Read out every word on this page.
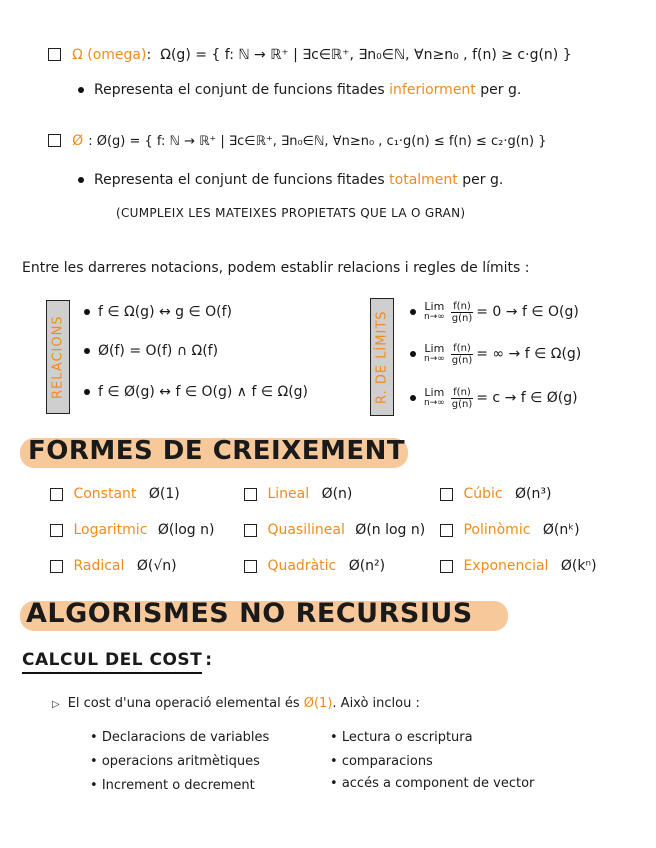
Ω (omega): Ω(g) = { f: ℕ → ℝ⁺ | ∃c∈ℝ⁺, ∃n₀∈ℕ, ∀n≥n₀ , f(n) ≥ c·g(n) }
Representa el conjunt de funcions fitades inferiorment per g.
Ø : Ø(g) = { f: ℕ → ℝ⁺ | ∃c∈ℝ⁺, ∃n₀∈ℕ, ∀n≥n₀ , c₁·g(n) ≤ f(n) ≤ c₂·g(n) }
Representa el conjunt de funcions fitades totalment per g.
(CUMPLEIX LES MATEIXES PROPIETATS QUE LA O GRAN)
Entre les darreres notacions, podem establir relacions i regles de límits :
RELACIONS
f ∈ Ω(g) ↔ g ∈ O(f)
Ø(f) = O(f) ∩ Ω(f)
f ∈ Ø(g) ↔ f ∈ O(g) ∧ f ∈ Ω(g)	R. DE LÍMITS
Lim
$n\to\infty \frac{f(n)}{g(n)} = 0 \to f$ ∈ O(g)
Lim
$n\to\infty \frac{f(n)}{g(n)}$ = ∞ → f ∈ Ω(g)
Lim
$n\to\infty \frac{f(n)}{g(n)} = c \to f$ ∈ Ø(g)
FORMES DE CREIXEMENT
Constant Ø(1)	Lineal Ø(n)	Cúbic Ø(n³)
Logaritmic Ø(log n)	Quasilineal Ø(n log n)	Polinòmic Ø(nᵏ)
Radical Ø(√n)	Quadràtic Ø(n²)	Exponencial Ø(kⁿ)
ALGORISMES NO RECURSIUS
CALCUL DEL COST :
▷ El cost d'una operació elemental és Ø(1). Això inclou :
• Declaracions de variables
• operacions aritmètiques
• Increment o decrement
• Lectura o escriptura
• comparacions
• accés a component de vector
